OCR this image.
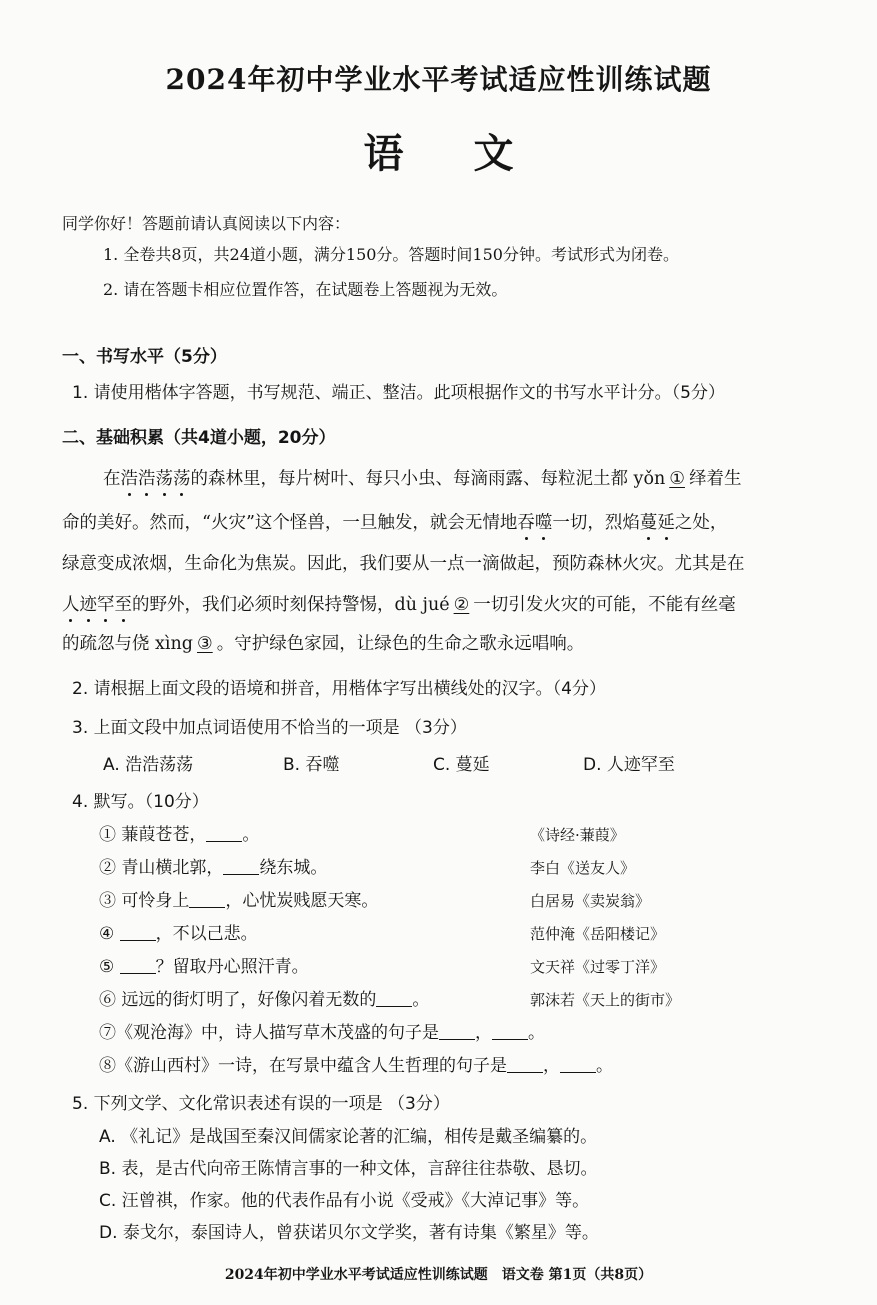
2024年初中学业水平考试适应性训练试题
语文
同学你好！答题前请认真阅读以下内容：
1. 全卷共8页，共24道小题，满分150分。答题时间150分钟。考试形式为闭卷。
2. 请在答题卡相应位置作答，在试题卷上答题视为无效。
一、书写水平（5分）
1. 请使用楷体字答题，书写规范、端正、整洁。此项根据作文的书写水平计分。（5分）
二、基础积累（共4道小题，20分）
在浩浩荡荡的森林里，每片树叶、每只小虫、每滴雨露、每粒泥土都 yǒn ① 绎着生
命的美好。然而，“火灾”这个怪兽，一旦触发，就会无情地吞噬一切，烈焰蔓延之处，
绿意变成浓烟，生命化为焦炭。因此，我们要从一点一滴做起，预防森林火灾。尤其是在
人迹罕至的野外，我们必须时刻保持警惕，dù jué ② 一切引发火灾的可能，不能有丝毫
的疏忽与侥 xìng ③ 。守护绿色家园，让绿色的生命之歌永远唱响。
2. 请根据上面文段的语境和拼音，用楷体字写出横线处的汉字。（4分）
3. 上面文段中加点词语使用不恰当的一项是 （3分）
A. 浩浩荡荡	B. 吞噬	C. 蔓延	D. 人迹罕至
4. 默写。（10分）
① 蒹葭苍苍， 。	《诗经·蒹葭》
② 青山横北郭， 绕东城。	李白《送友人》
③ 可怜身上 ，心忧炭贱愿天寒。	白居易《卖炭翁》
④ ，不以己悲。	范仲淹《岳阳楼记》
⑤ ？留取丹心照汗青。	文天祥《过零丁洋》
⑥ 远远的街灯明了，好像闪着无数的 。	郭沫若《天上的街市》
⑦《观沧海》中，诗人描写草木茂盛的句子是 ， 。
⑧《游山西村》一诗，在写景中蕴含人生哲理的句子是 ， 。
5. 下列文学、文化常识表述有误的一项是 （3分）
A. 《礼记》是战国至秦汉间儒家论著的汇编，相传是戴圣编纂的。
B. 表，是古代向帝王陈情言事的一种文体，言辞往往恭敬、恳切。
C. 汪曾祺，作家。他的代表作品有小说《受戒》《大淖记事》等。
D. 泰戈尔，泰国诗人，曾获诺贝尔文学奖，著有诗集《繁星》等。
2024年初中学业水平考试适应性训练试题　语文卷 第1页（共8页）
